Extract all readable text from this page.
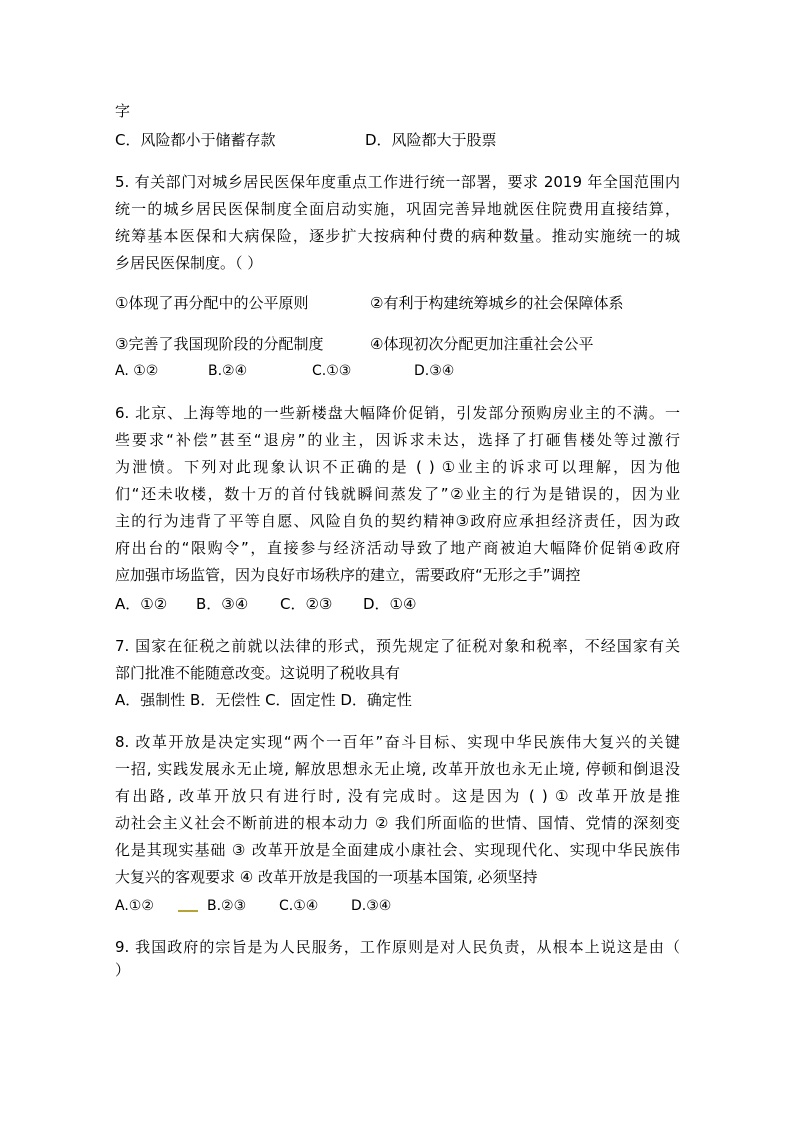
字
C．风险都小于储蓄存款	D．风险都大于股票
5. 有关部门对城乡居民医保年度重点工作进行统一部署，要求 2019 年全国范围内
统一的城乡居民医保制度全面启动实施，巩固完善异地就医住院费用直接结算，
统筹基本医保和大病保险，逐步扩大按病种付费的病种数量。推动实施统一的城
乡居民医保制度。（ ）
①体现了再分配中的公平原则	②有利于构建统筹城乡的社会保障体系
③完善了我国现阶段的分配制度	④体现初次分配更加注重社会公平
A. ①②	B.②④	C.①③	D.③④
6. 北京、上海等地的一些新楼盘大幅降价促销，引发部分预购房业主的不满。一
些要求“补偿”甚至“退房”的业主，因诉求未达，选择了打砸售楼处等过激行
为泄愤。下列对此现象认识不正确的是 ( ) ①业主的诉求可以理解，因为他
们“还未收楼，数十万的首付钱就瞬间蒸发了”②业主的行为是错误的，因为业
主的行为违背了平等自愿、风险自负的契约精神③政府应承担经济责任，因为政
府出台的“限购令”，直接参与经济活动导致了地产商被迫大幅降价促销④政府
应加强市场监管，因为良好市场秩序的建立，需要政府“无形之手”调控
A．①② B．③④ C．②③ D．①④
7. 国家在征税之前就以法律的形式，预先规定了征税对象和税率，不经国家有关
部门批准不能随意改变。这说明了税收具有
A．强制性 B．无偿性 C．固定性 D．确定性
8. 改革开放是决定实现“两个一百年”奋斗目标、实现中华民族伟大复兴的关键
一招, 实践发展永无止境, 解放思想永无止境, 改革开放也永无止境, 停顿和倒退没
有出路, 改革开放只有进行时, 没有完成时。这是因为 ( ) ① 改革开放是推
动社会主义社会不断前进的根本动力 ② 我们所面临的世情、国情、党情的深刻变
化是其现实基础 ③ 改革开放是全面建成小康社会、实现现代化、实现中华民族伟
大复兴的客观要求 ④ 改革开放是我国的一项基本国策, 必须坚持
A.①②	B.②③ C.①④ D.③④
9. 我国政府的宗旨是为人民服务，工作原则是对人民负责，从根本上说这是由（
）
